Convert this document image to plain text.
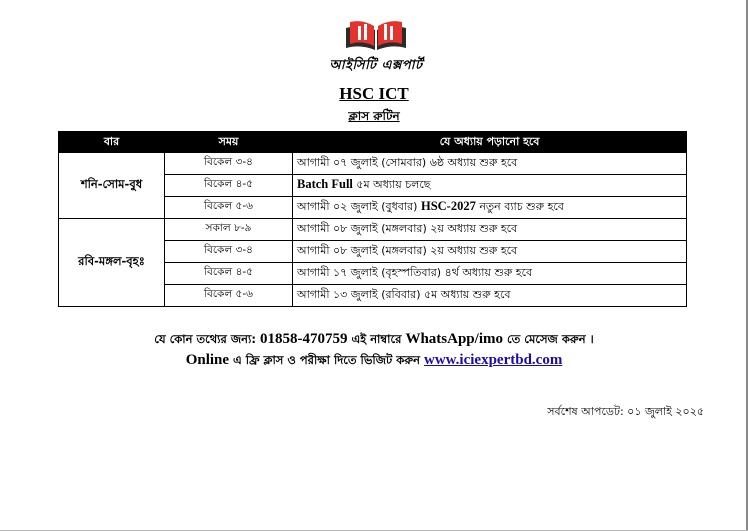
আইসিটি এক্সপার্ট
HSC ICT
ক্লাস রুটিন
বার	সময়	যে অধ্যায় পড়ানো হবে
শনি-সোম-বুধ	বিকেল ৩-৪	আগামী ০৭ জুলাই (সোমবার) ৬ষ্ঠ অধ্যায় শুরু হবে
	বিকেল ৪-৫	Batch Full ৫ম অধ্যায় চলছে
	বিকেল ৫-৬	আগামী ০২ জুলাই (বুধবার) HSC-2027 নতুন ব্যাচ শুরু হবে
রবি-মঙ্গল-বৃহঃ	সকাল ৮-৯	আগামী ০৮ জুলাই (মঙ্গলবার) ২য় অধ্যায় শুরু হবে
	বিকেল ৩-৪	আগামী ০৮ জুলাই (মঙ্গলবার) ২য় অধ্যায় শুরু হবে
	বিকেল ৪-৫	আগামী ১৭ জুলাই (বৃহস্পতিবার) ৪র্থ অধ্যায় শুরু হবে
	বিকেল ৫-৬	আগামী ১৩ জুলাই (রবিবার) ৫ম অধ্যায় শুরু হবে
যে কোন তথ্যের জন্য: 01858-470759 এই নাম্বারে WhatsApp/imo তে মেসেজ করুন ।
Online এ ফ্রি ক্লাস ও পরীক্ষা দিতে ভিজিট করুন www.iciexpertbd.com
সর্বশেষ আপডেট: ০১ জুলাই ২০২৫
